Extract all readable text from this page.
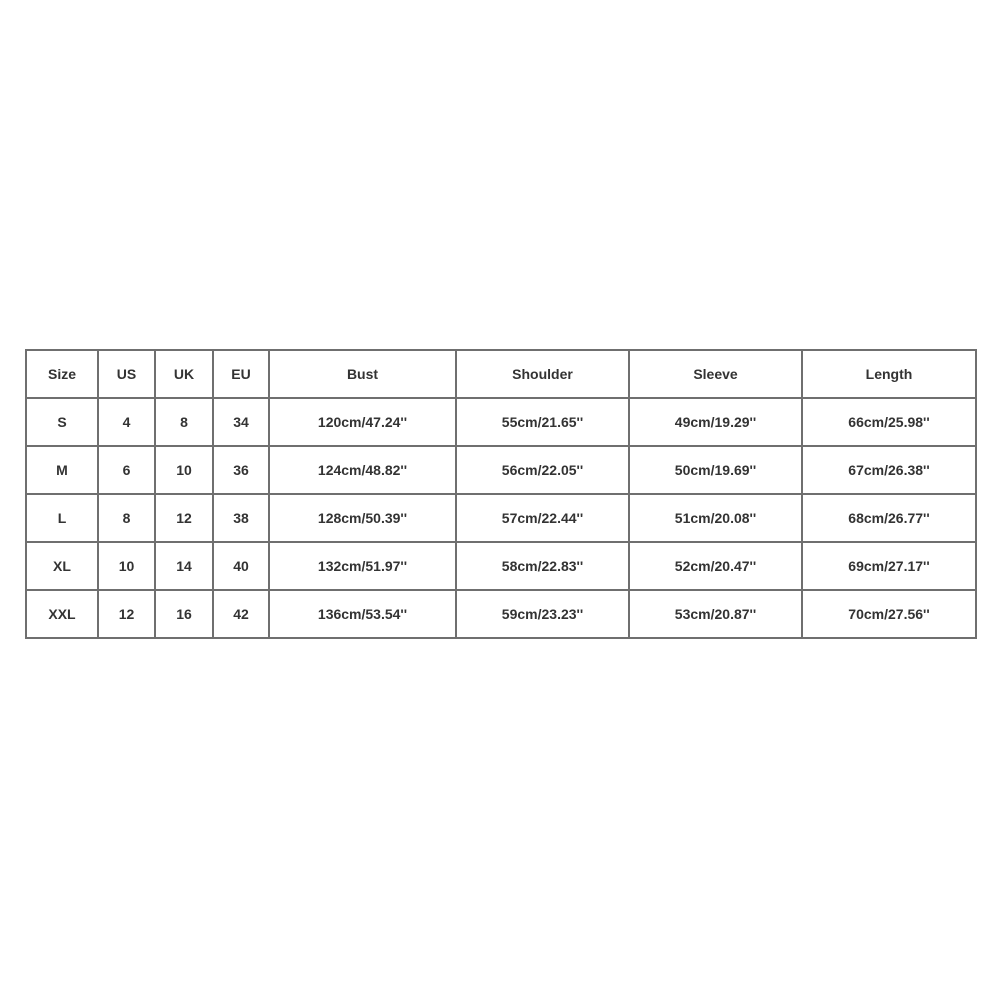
Size	US	UK	EU	Bust	Shoulder	Sleeve	Length
S	4	8	34	120cm/47.24''	55cm/21.65''	49cm/19.29''	66cm/25.98''
M	6	10	36	124cm/48.82''	56cm/22.05''	50cm/19.69''	67cm/26.38''
L	8	12	38	128cm/50.39''	57cm/22.44''	51cm/20.08''	68cm/26.77''
XL	10	14	40	132cm/51.97''	58cm/22.83''	52cm/20.47''	69cm/27.17''
XXL	12	16	42	136cm/53.54''	59cm/23.23''	53cm/20.87''	70cm/27.56''
